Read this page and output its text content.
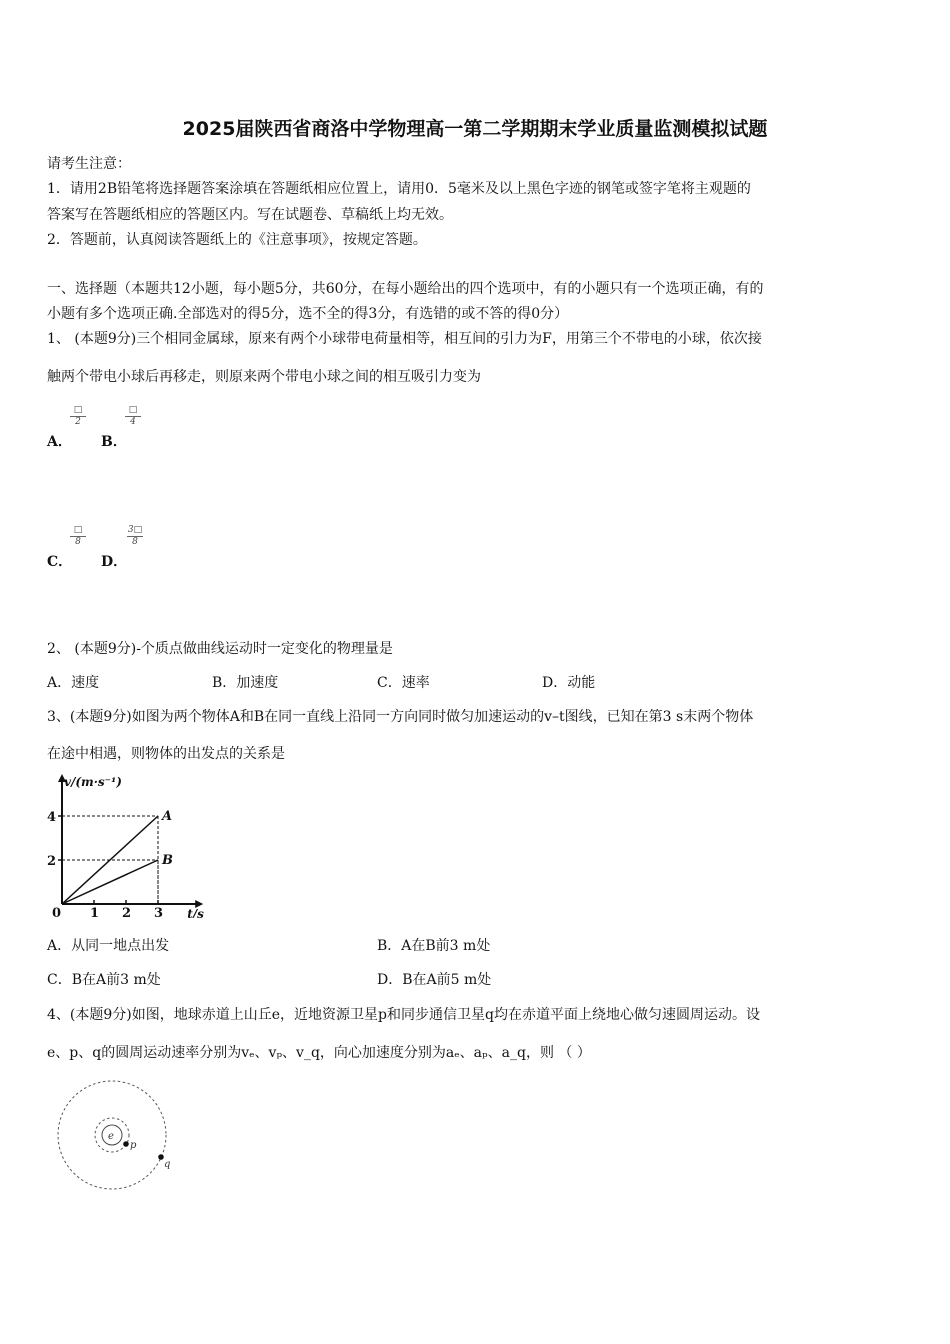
2025届陕西省商洛中学物理高一第二学期期末学业质量监测模拟试题
请考生注意：
1．请用2B铅笔将选择题答案涂填在答题纸相应位置上，请用0．5毫米及以上黑色字迹的钢笔或签字笔将主观题的
答案写在答题纸相应的答题区内。写在试题卷、草稿纸上均无效。
2．答题前，认真阅读答题纸上的《注意事项》，按规定答题。
一、选择题（本题共12小题，每小题5分，共60分，在每小题给出的四个选项中，有的小题只有一个选项正确，有的
小题有多个选项正确.全部选对的得5分，选不全的得3分，有选错的或不答的得0分）
1、 (本题9分)三个相同金属球，原来有两个小球带电荷量相等，相互间的引力为F，用第三个不带电的小球，依次接
触两个带电小球后再移走，则原来两个带电小球之间的相互吸引力变为
A．
□
2
B．
□
4
C．
□
8
D．
$\frac{3□}{8}$
2、 (本题9分)-个质点做曲线运动时一定变化的物理量是
A．速度	B．加速度	C．速率	D．动能
3、(本题9分)如图为两个物体A和B在同一直线上沿同一方向同时做匀加速运动的v–t图线，已知在第3 s末两个物体
在途中相遇，则物体的出发点的关系是
v/(m·s⁻¹)
t/s
0 1 2 3
2
4	A
B
A．从同一地点出发	B．A在B前3 m处
C．B在A前3 m处	D．B在A前5 m处
4、(本题9分)如图，地球赤道上山丘e，近地资源卫星p和同步通信卫星q均在赤道平面上绕地心做匀速圆周运动。设
e、p、q的圆周运动速率分别为vₑ、vₚ、v_q，向心加速度分别为aₑ、aₚ、a_q，则 （ ）
e
p
q
